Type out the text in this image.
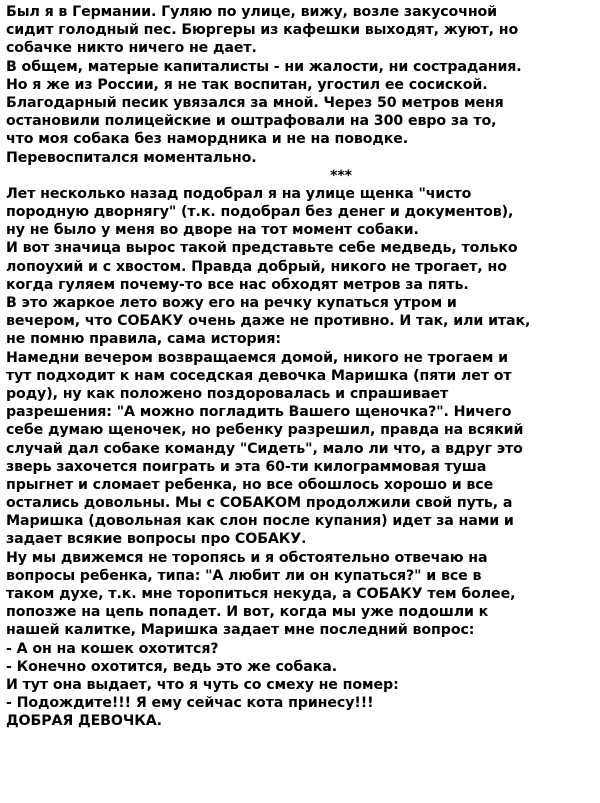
Был я в Германии. Гуляю по улице, вижу, возле закусочной
сидит голодный пес. Бюргеры из кафешки выходят, жуют, но
собачке никто ничего не дает.
В общем, матерые капиталисты - ни жалости, ни сострадания.
Но я же из России, я не так воспитан, угостил ее сосиской.
Благодарный песик увязался за мной. Через 50 метров меня
остановили полицейские и оштрафовали на 300 евро за то,
что моя собака без намордника и не на поводке.
Перевоспитался моментально.
***
Лет несколько назад подобрал я на улице щенка "чисто
породную дворнягу" (т.к. подобрал без денег и документов),
ну не было у меня во дворе на тот момент собаки.
И вот значица вырос такой представьте себе медведь, только
лопоухий и с хвостом. Правда добрый, никого не трогает, но
когда гуляем почему-то все нас обходят метров за пять.
В это жаркое лето вожу его на речку купаться утром и
вечером, что СОБАКУ очень даже не противно. И так, или итак,
не помню правила, сама история:
Намедни вечером возвращаемся домой, никого не трогаем и
тут подходит к нам соседская девочка Маришка (пяти лет от
роду), ну как положено поздоровалась и спрашивает
разрешения: "А можно погладить Вашего щеночка?". Ничего
себе думаю щеночек, но ребенку разрешил, правда на всякий
случай дал собаке команду "Сидеть", мало ли что, а вдруг это
зверь захочется поиграть и эта 60-ти килограммовая туша
прыгнет и сломает ребенка, но все обошлось хорошо и все
остались довольны. Мы с СОБАКОМ продолжили свой путь, а
Маришка (довольная как слон после купания) идет за нами и
задает всякие вопросы про СОБАКУ.
Ну мы движемся не торопясь и я обстоятельно отвечаю на
вопросы ребенка, типа: "А любит ли он купаться?" и все в
таком духе, т.к. мне торопиться некуда, а СОБАКУ тем более,
попозже на цепь попадет. И вот, когда мы уже подошли к
нашей калитке, Маришка задает мне последний вопрос:
- А он на кошек охотится?
- Конечно охотится, ведь это же собака.
И тут она выдает, что я чуть со смеху не помер:
- Подождите!!! Я ему сейчас кота принесу!!!
ДОБРАЯ ДЕВОЧКА.
